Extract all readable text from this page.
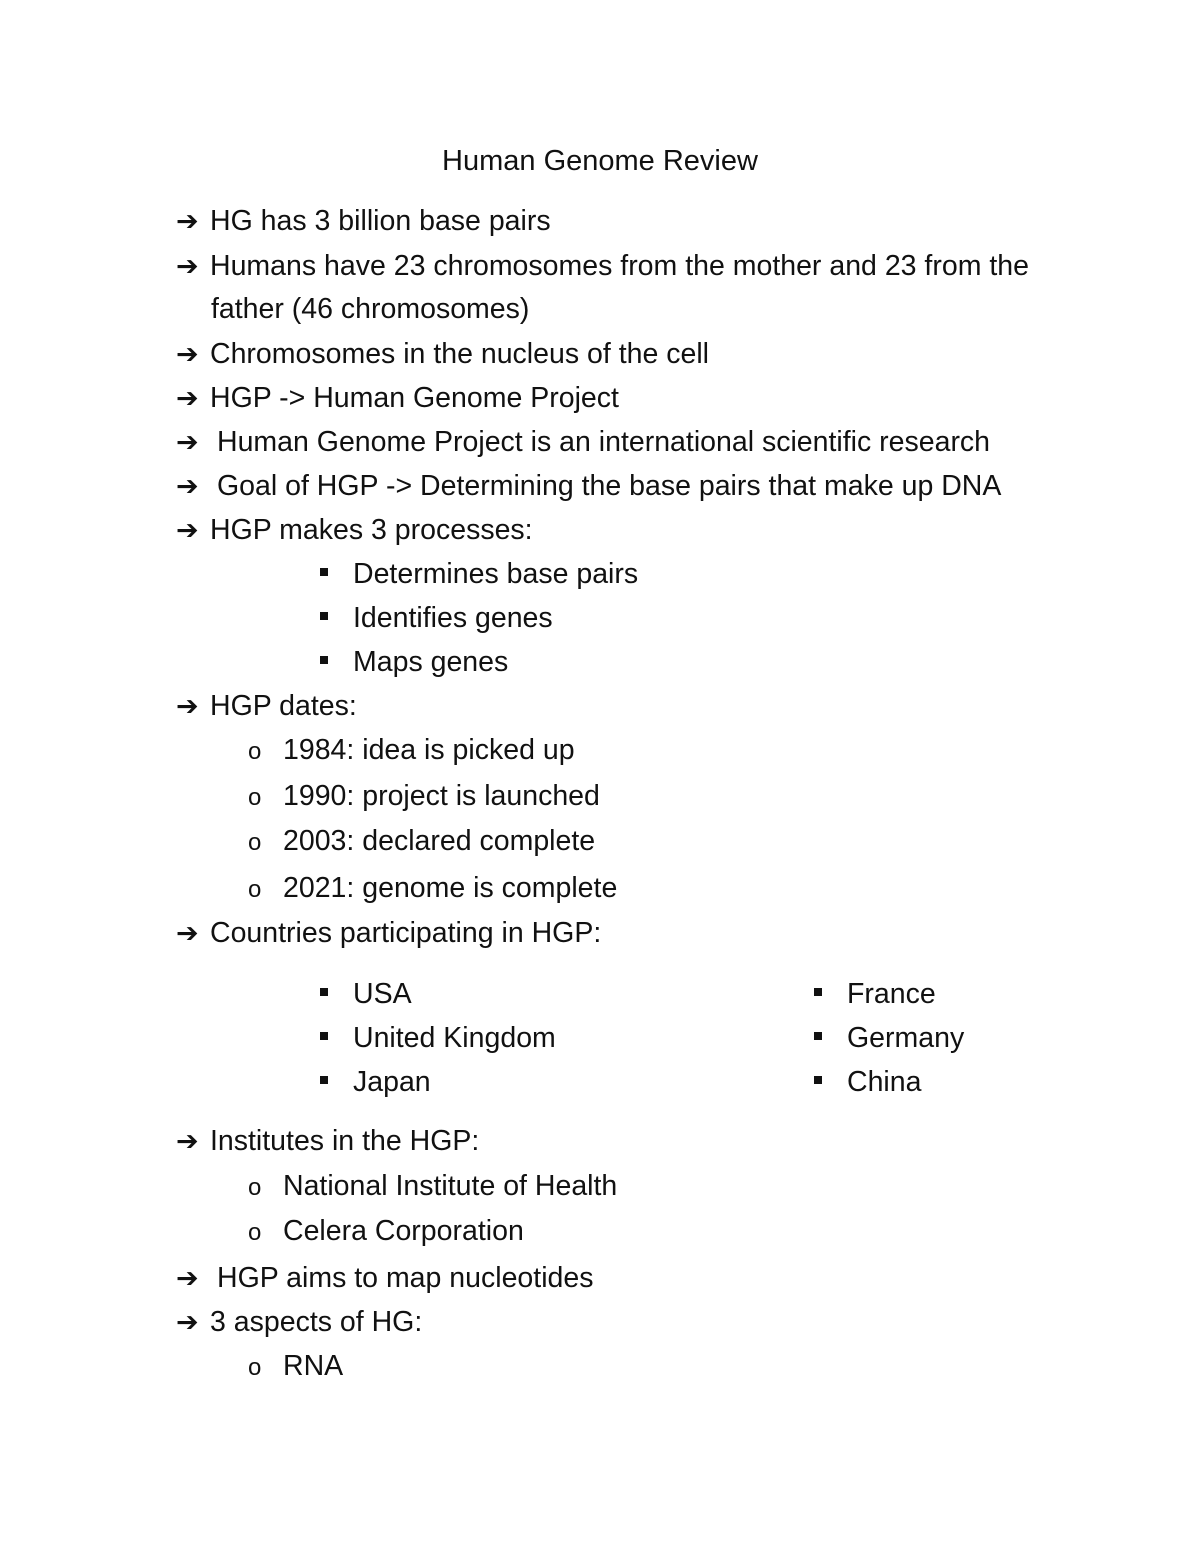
Human Genome Review
➔ HG has 3 billion base pairs
➔ Humans have 23 chromosomes from the mother and 23 from the
father (46 chromosomes)
➔ Chromosomes in the nucleus of the cell
➔ HGP -> Human Genome Project
➔ Human Genome Project is an international scientific research
➔ Goal of HGP -> Determining the base pairs that make up DNA
➔ HGP makes 3 processes:
Determines base pairs
Identifies genes
Maps genes
➔ HGP dates:
o 1984: idea is picked up
o 1990: project is launched
o 2003: declared complete
o 2021: genome is complete
➔ Countries participating in HGP:
USA
United Kingdom
Japan
France
Germany
China
➔ Institutes in the HGP:
o National Institute of Health
o Celera Corporation
➔ HGP aims to map nucleotides
➔ 3 aspects of HG:
o RNA
